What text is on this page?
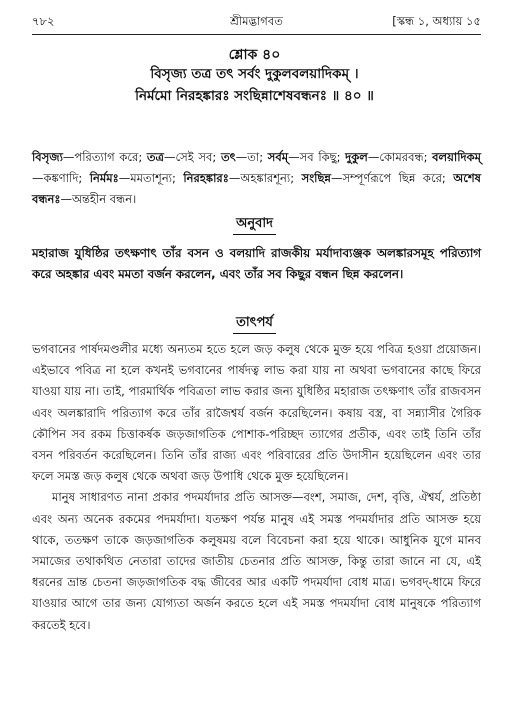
৭৮২	শ্রীমদ্ভাগবত	[স্কন্ধ ১, অধ্যায় ১৫
শ্লোক ৪০
বিসৃজ্য তত্র তৎ সর্বং দুকুলবলয়াদিকম্ ।
নির্মমো নিরহঙ্কারঃ সংছিন্নাশেষবন্ধনঃ ॥ ৪০ ॥
বিসৃজ্য—পরিত্যাগ করে; তত্র—সেই সব; তৎ—তা; সর্বম্—সব কিছু; দুকুল—কোমরবন্ধ; বলয়াদিকম্—কঙ্কণাদি; নির্মমঃ—মমতাশূন্য; নিরহঙ্কারঃ—অহঙ্কারশূন্য; সংছিন্ন—সম্পূর্ণরূপে ছিন্ন করে; অশেষ বন্ধনঃ—অন্তহীন বন্ধন।
অনুবাদ
মহারাজ যুধিষ্ঠির তৎক্ষণাৎ তাঁর বসন ও বলয়াদি রাজকীয় মর্যাদাব্যঞ্জক অলঙ্কারসমূহ পরিত্যাগ করে অহঙ্কার এবং মমতা বর্জন করলেন, এবং তাঁর সব কিছুর বন্ধন ছিন্ন করলেন।
তাৎপর্য

ভগবানের পার্ষদমণ্ডলীর মধ্যে অন্যতম হতে হলে জড় কলুষ থেকে মুক্ত হয়ে পবিত্র হওয়া প্রয়োজন। এইভাবে পবিত্র না হলে কখনই ভগবানের পার্ষদত্ব লাভ করা যায় না অথবা ভগবানের কাছে ফিরে যাওয়া যায় না। তাই, পারমার্থিক পবিত্রতা লাভ করার জন্য যুধিষ্ঠির মহারাজ তৎক্ষণাৎ তাঁর রাজবসন এবং অলঙ্কারাদি পরিত্যাগ করে তাঁর রাজৈশ্বর্য বর্জন করেছিলেন। কষায় বস্ত্র, বা সন্ন্যাসীর গৈরিক কৌপিন সব রকম চিত্তাকর্ষক জড়জাগতিক পোশাক-পরিচ্ছদ ত্যাগের প্রতীক, এবং তাই তিনি তাঁর বসন পরিবর্তন করেছিলেন। তিনি তাঁর রাজ্য এবং পরিবারের প্রতি উদাসীন হয়েছিলেন এবং তার ফলে সমস্ত জড় কলুষ থেকে অথবা জড় উপাধি থেকে মুক্ত হয়েছিলেন।

মানুষ সাধারণত নানা প্রকার পদমর্যাদার প্রতি আসক্ত—বংশ, সমাজ, দেশ, বৃত্তি, ঐশ্বর্য, প্রতিষ্ঠা এবং অন্য অনেক রকমের পদমর্যাদা। যতক্ষণ পর্যন্ত মানুষ এই সমস্ত পদমর্যাদার প্রতি আসক্ত হয়ে থাকে, ততক্ষণ তাকে জড়জাগতিক কলুষময় বলে বিবেচনা করা হয়ে থাকে। আধুনিক যুগে মানব সমাজের তথাকথিত নেতারা তাদের জাতীয় চেতনার প্রতি আসক্ত, কিন্তু তারা জানে না যে, এই ধরনের ভ্রান্ত চেতনা জড়জাগতিক বদ্ধ জীবের আর একটি পদমর্যাদা বোধ মাত্র। ভগবদ্-ধামে ফিরে যাওয়ার আগে তার জন্য যোগ্যতা অর্জন করতে হলে এই সমস্ত পদমর্যাদা বোধ মানুষকে পরিত্যাগ করতেই হবে।
